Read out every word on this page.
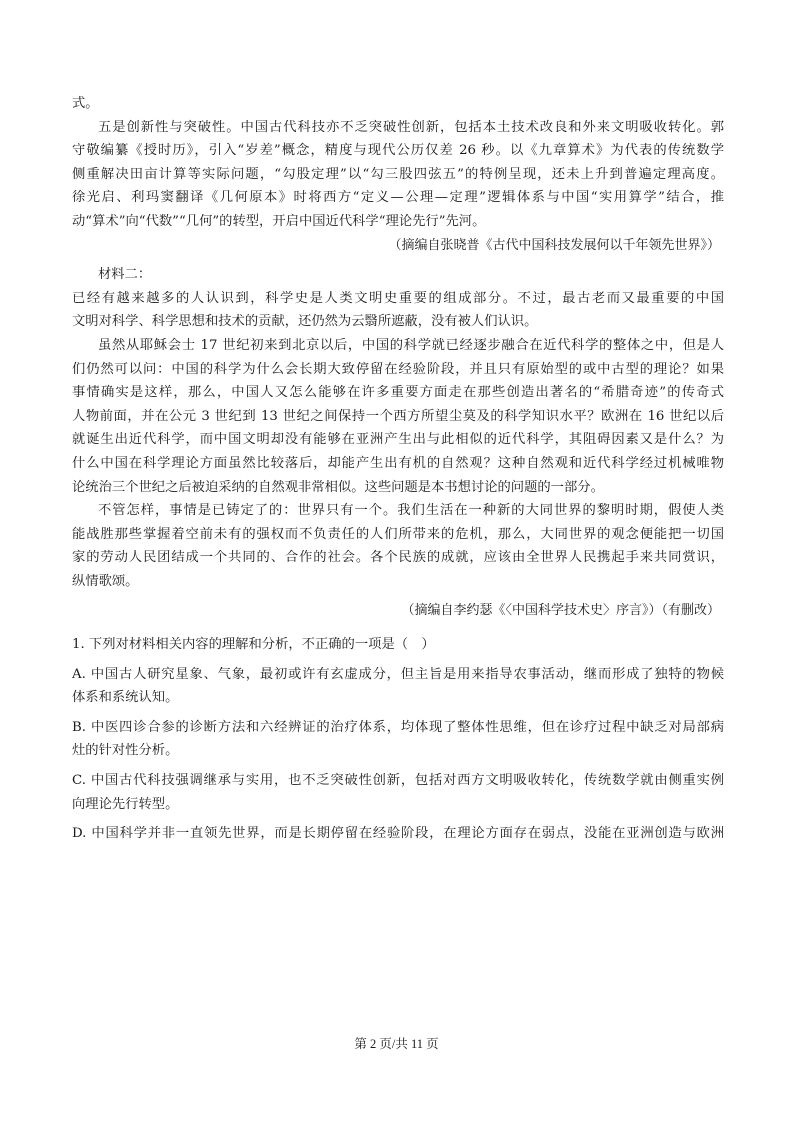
式。
五是创新性与突破性。中国古代科技亦不乏突破性创新，包括本土技术改良和外来文明吸收转化。郭
守敬编纂《授时历》，引入“岁差”概念，精度与现代公历仅差 26 秒。以《九章算术》为代表的传统数学
侧重解决田亩计算等实际问题，“勾股定理”以“勾三股四弦五”的特例呈现，还未上升到普遍定理高度。
徐光启、利玛窦翻译《几何原本》时将西方“定义—公理—定理”逻辑体系与中国“实用算学”结合，推
动“算术”向“代数”“几何”的转型，开启中国近代科学“理论先行”先河。
（摘编自张晓普《古代中国科技发展何以千年领先世界》）
材料二：
已经有越来越多的人认识到，科学史是人类文明史重要的组成部分。不过，最古老而又最重要的中国
文明对科学、科学思想和技术的贡献，还仍然为云翳所遮蔽，没有被人们认识。
虽然从耶稣会士 17 世纪初来到北京以后，中国的科学就已经逐步融合在近代科学的整体之中，但是人
们仍然可以问：中国的科学为什么会长期大致停留在经验阶段，并且只有原始型的或中古型的理论？如果
事情确实是这样，那么，中国人又怎么能够在许多重要方面走在那些创造出著名的“希腊奇迹”的传奇式
人物前面，并在公元 3 世纪到 13 世纪之间保持一个西方所望尘莫及的科学知识水平？欧洲在 16 世纪以后
就诞生出近代科学，而中国文明却没有能够在亚洲产生出与此相似的近代科学，其阻碍因素又是什么？为
什么中国在科学理论方面虽然比较落后，却能产生出有机的自然观？这种自然观和近代科学经过机械唯物
论统治三个世纪之后被迫采纳的自然观非常相似。这些问题是本书想讨论的问题的一部分。
不管怎样，事情是已铸定了的：世界只有一个。我们生活在一种新的大同世界的黎明时期，假使人类
能战胜那些掌握着空前未有的强权而不负责任的人们所带来的危机，那么，大同世界的观念便能把一切国
家的劳动人民团结成一个共同的、合作的社会。各个民族的成就，应该由全世界人民携起手来共同赏识，
纵情歌颂。
（摘编自李约瑟《〈中国科学技术史〉序言》）（有删改）
1. 下列对材料相关内容的理解和分析，不正确的一项是（　）
A. 中国古人研究星象、气象，最初或许有玄虚成分，但主旨是用来指导农事活动，继而形成了独特的物候
体系和系统认知。
B. 中医四诊合参的诊断方法和六经辨证的治疗体系，均体现了整体性思维，但在诊疗过程中缺乏对局部病
灶的针对性分析。
C. 中国古代科技强调继承与实用，也不乏突破性创新，包括对西方文明吸收转化，传统数学就由侧重实例
向理论先行转型。
D. 中国科学并非一直领先世界，而是长期停留在经验阶段，在理论方面存在弱点，没能在亚洲创造与欧洲
第 2 页/共 11 页
